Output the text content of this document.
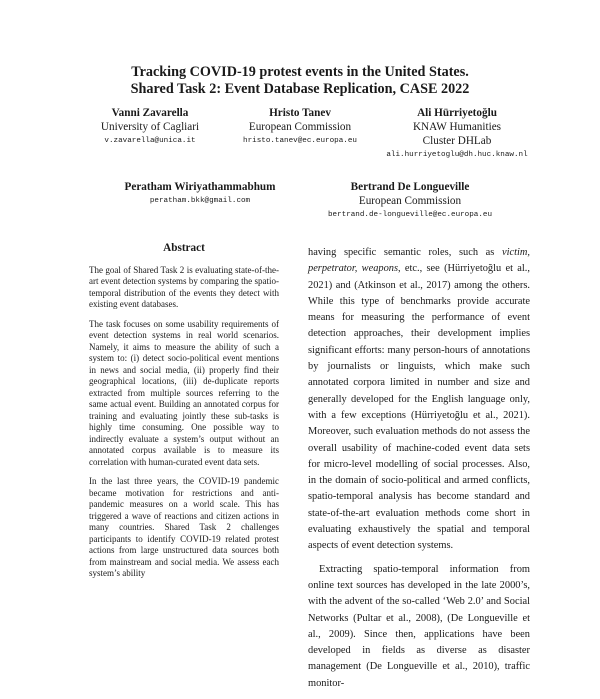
Tracking COVID-19 protest events in the United States.
Shared Task 2: Event Database Replication, CASE 2022
Vanni Zavarella
University of Cagliari
v.zavarella@unica.it
Hristo Tanev
European Commission
hristo.tanev@ec.europa.eu
Ali Hürriyetoğlu
KNAW Humanities
Cluster DHLab
ali.hurriyetoglu@dh.huc.knaw.nl
Peratham Wiriyathammabhum
peratham.bkk@gmail.com
Bertrand De Longueville
European Commission
bertrand.de-longueville@ec.europa.eu
Abstract

The goal of Shared Task 2 is evaluating state-of-the-art event detection systems by comparing the spatio-temporal distribution of the events they detect with existing event databases.

The task focuses on some usability requirements of event detection systems in real world scenarios. Namely, it aims to measure the ability of such a system to: (i) detect socio-political event mentions in news and social media, (ii) properly find their geographical locations, (iii) de-duplicate reports extracted from multiple sources referring to the same actual event. Building an annotated corpus for training and evaluating jointly these sub-tasks is highly time consuming. One possible way to indirectly evaluate a system’s output without an annotated corpus available is to measure its correlation with human-curated event data sets.

In the last three years, the COVID-19 pandemic became motivation for restrictions and anti-pandemic measures on a world scale. This has triggered a wave of reactions and citizen actions in many countries. Shared Task 2 challenges participants to identify COVID-19 related protest actions from large unstructured data sources both from mainstream and social media. We assess each system’s ability

having specific semantic roles, such as victim, perpetrator, weapons, etc., see (Hürriyetoğlu et al., 2021) and (Atkinson et al., 2017) among the others. While this type of benchmarks provide accurate means for measuring the performance of event detection approaches, their development implies significant efforts: many person-hours of annotations by journalists or linguists, which make such annotated corpora limited in number and size and generally developed for the English language only, with a few exceptions (Hürriyetoğlu et al., 2021). Moreover, such evaluation methods do not assess the overall usability of machine-coded event data sets for micro-level modelling of social processes. Also, in the domain of socio-political and armed conflicts, spatio-temporal analysis has become standard and state-of-the-art evaluation methods come short in evaluating exhaustively the spatial and temporal aspects of event detection systems.

Extracting spatio-temporal information from online text sources has developed in the late 2000’s, with the advent of the so-called ‘Web 2.0’ and Social Networks (Pultar et al., 2008), (De Longueville et al., 2009). Since then, applications have been developed in fields as diverse as disaster management (De Longueville et al., 2010), traffic monitor-
